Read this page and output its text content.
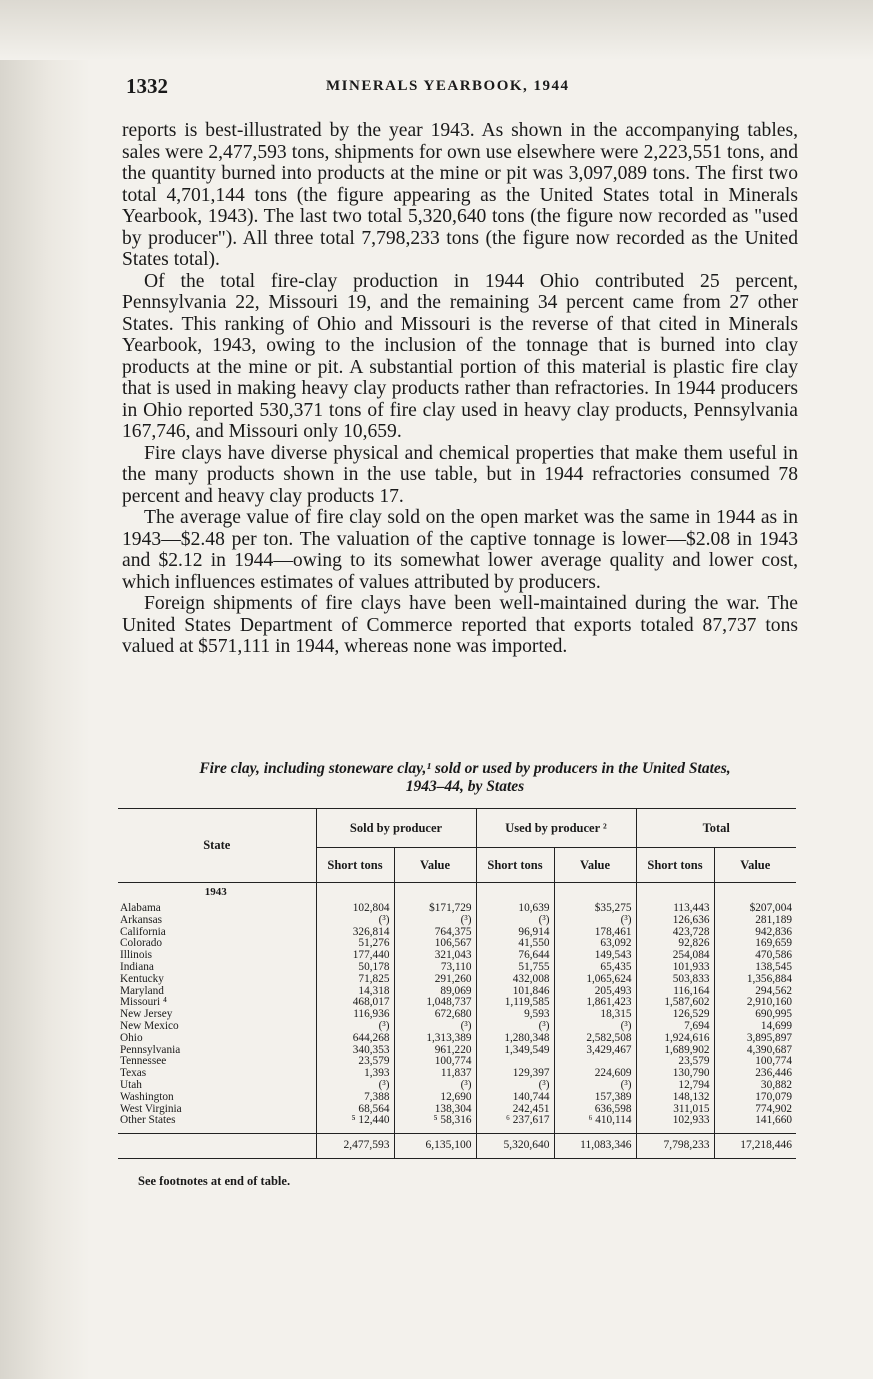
1332	MINERALS YEARBOOK, 1944

reports is best-illustrated by the year 1943. As shown in the accompanying tables, sales were 2,477,593 tons, shipments for own use elsewhere were 2,223,551 tons, and the quantity burned into products at the mine or pit was 3,097,089 tons. The first two total 4,701,144 tons (the figure appearing as the United States total in Minerals Yearbook, 1943). The last two total 5,320,640 tons (the figure now recorded as "used by producer"). All three total 7,798,233 tons (the figure now recorded as the United States total).

Of the total fire-clay production in 1944 Ohio contributed 25 percent, Pennsylvania 22, Missouri 19, and the remaining 34 percent came from 27 other States. This ranking of Ohio and Missouri is the reverse of that cited in Minerals Yearbook, 1943, owing to the inclusion of the tonnage that is burned into clay products at the mine or pit. A substantial portion of this material is plastic fire clay that is used in making heavy clay products rather than refractories. In 1944 producers in Ohio reported 530,371 tons of fire clay used in heavy clay products, Pennsylvania 167,746, and Missouri only 10,659.

Fire clays have diverse physical and chemical properties that make them useful in the many products shown in the use table, but in 1944 refractories consumed 78 percent and heavy clay products 17.

The average value of fire clay sold on the open market was the same in 1944 as in 1943—$2.48 per ton. The valuation of the captive tonnage is lower—$2.08 in 1943 and $2.12 in 1944—owing to its somewhat lower average quality and lower cost, which influences estimates of values attributed by producers.

Foreign shipments of fire clays have been well-maintained during the war. The United States Department of Commerce reported that exports totaled 87,737 tons valued at $571,111 in 1944, whereas none was imported.

Fire clay, including stoneware clay,¹ sold or used by producers in the United States,
1943–44, by States
State	Sold by producer		Used by producer ²		Total	
	Short tons	Value	Short tons	Value	Short tons	Value
1943						
Alabama	102,804	$171,729	10,639	$35,275	113,443	$207,004
Arkansas	(³)	(³)	(³)	(³)	126,636	281,189
California	326,814	764,375	96,914	178,461	423,728	942,836
Colorado	51,276	106,567	41,550	63,092	92,826	169,659
Illinois	177,440	321,043	76,644	149,543	254,084	470,586
Indiana	50,178	73,110	51,755	65,435	101,933	138,545
Kentucky	71,825	291,260	432,008	1,065,624	503,833	1,356,884
Maryland	14,318	89,069	101,846	205,493	116,164	294,562
Missouri ⁴	468,017	1,048,737	1,119,585	1,861,423	1,587,602	2,910,160
New Jersey	116,936	672,680	9,593	18,315	126,529	690,995
New Mexico	(³)	(³)	(³)	(³)	7,694	14,699
Ohio	644,268	1,313,389	1,280,348	2,582,508	1,924,616	3,895,897
Pennsylvania	340,353	961,220	1,349,549	3,429,467	1,689,902	4,390,687
Tennessee	23,579	100,774			23,579	100,774
Texas	1,393	11,837	129,397	224,609	130,790	236,446
Utah	(³)	(³)	(³)	(³)	12,794	30,882
Washington	7,388	12,690	140,744	157,389	148,132	170,079
West Virginia	68,564	138,304	242,451	636,598	311,015	774,902
Other States	⁵ 12,440	⁵ 58,316	⁶ 237,617	⁶ 410,114	102,933	141,660

	2,477,593	6,135,100	5,320,640	11,083,346	7,798,233	17,218,446
See footnotes at end of table.
